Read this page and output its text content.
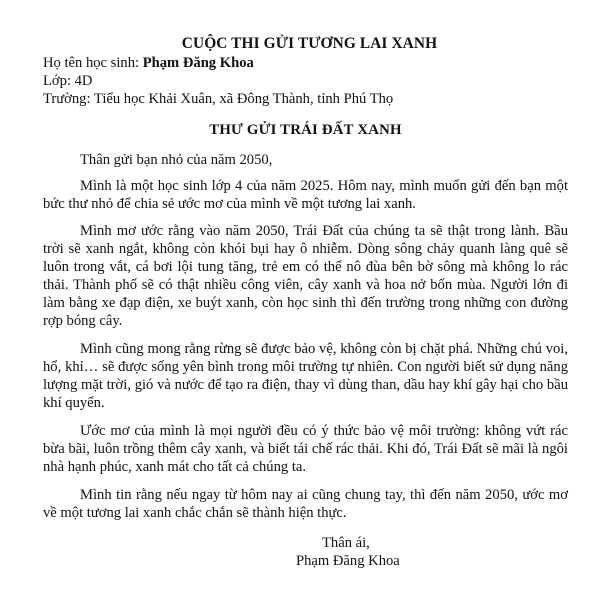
CUỘC THI GỬI TƯƠNG LAI XANH
Họ tên học sinh: Phạm Đăng Khoa
Lớp: 4D
Trường: Tiểu học Khải Xuân, xã Đông Thành, tỉnh Phú Thọ
THƯ GỬI TRÁI ĐẤT XANH

Thân gửi bạn nhỏ của năm 2050,

Mình là một học sinh lớp 4 của năm 2025. Hôm nay, mình muốn gửi đến bạn một bức thư nhỏ để chia sẻ ước mơ của mình về một tương lai xanh.

Mình mơ ước rằng vào năm 2050, Trái Đất của chúng ta sẽ thật trong lành. Bầu trời sẽ xanh ngắt, không còn khói bụi hay ô nhiễm. Dòng sông chảy quanh làng quê sẽ luôn trong vắt, cá bơi lội tung tăng, trẻ em có thể nô đùa bên bờ sông mà không lo rác thải. Thành phố sẽ có thật nhiều công viên, cây xanh và hoa nở bốn mùa. Người lớn đi làm bằng xe đạp điện, xe buýt xanh, còn học sinh thì đến trường trong những con đường rợp bóng cây.

Mình cũng mong rằng rừng sẽ được bảo vệ, không còn bị chặt phá. Những chú voi, hổ, khỉ… sẽ được sống yên bình trong môi trường tự nhiên. Con người biết sử dụng năng lượng mặt trời, gió và nước để tạo ra điện, thay vì dùng than, dầu hay khí gây hại cho bầu khí quyển.

Ước mơ của mình là mọi người đều có ý thức bảo vệ môi trường: không vứt rác bừa bãi, luôn trồng thêm cây xanh, và biết tái chế rác thải. Khi đó, Trái Đất sẽ mãi là ngôi nhà hạnh phúc, xanh mát cho tất cả chúng ta.

Mình tin rằng nếu ngay từ hôm nay ai cũng chung tay, thì đến năm 2050, ước mơ về một tương lai xanh chắc chắn sẽ thành hiện thực.

Thân ái,
Phạm Đăng Khoa
